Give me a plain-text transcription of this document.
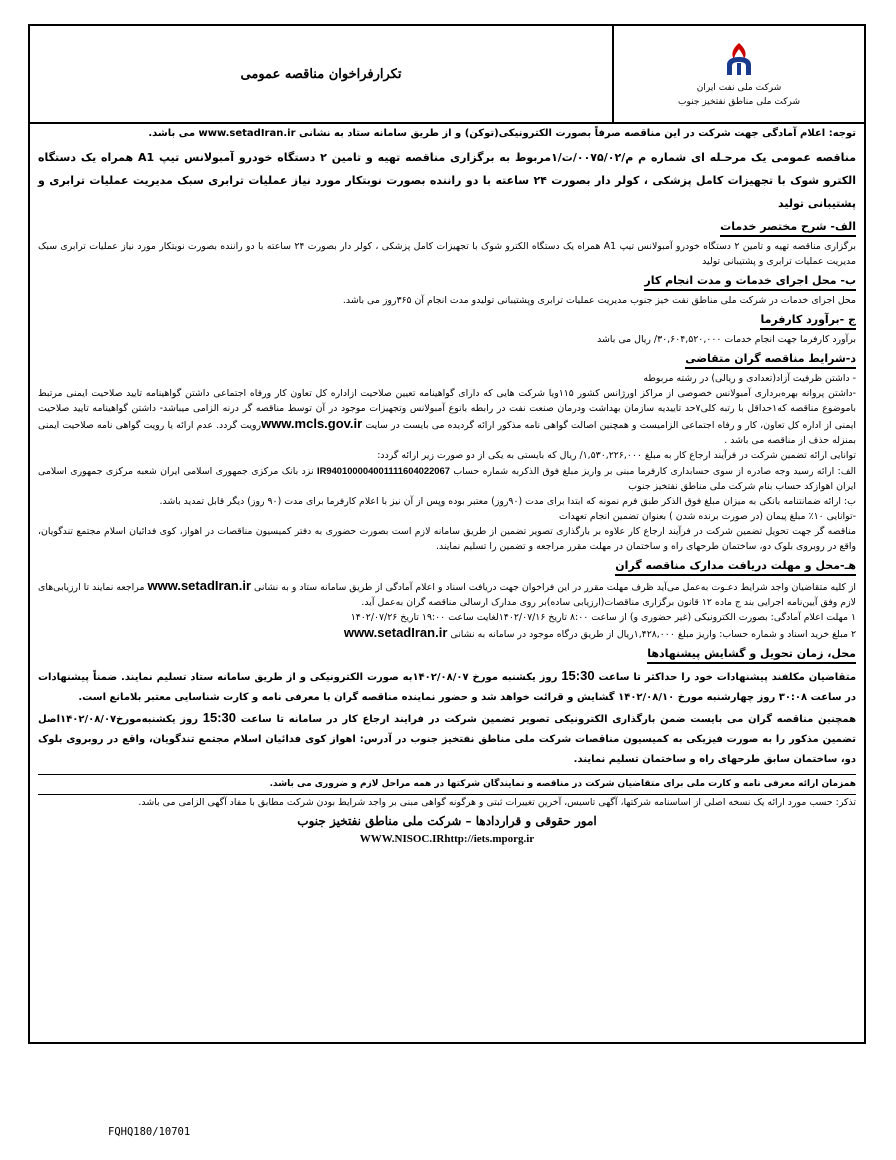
شرکت ملی نفت ایران
شرکت ملی مناطق نفتخیز جنوب
تکرارفراخوان مناقصه عمومی

توجه: اعلام آمادگی جهت شرکت در این مناقصه صرفاً بصورت الکترونیکی(توکن) و از طریق سامانه ستاد به نشانی www.setadIran.ir می باشد.

مناقصه عمومی یک مرحـله ای شماره م م/۰۰۷۵/۰۲/ت/۱مربوط به برگزاری مناقصه تهیه و تامین ۲ دستگاه خودرو آمبولانس تیپ A1 همراه یک دستگاه الکترو شوک با تجهیزات کامل پزشکی ، کولر دار بصورت ۲۴ ساعته با دو راننده بصورت نوبتکار مورد نیاز عملیات ترابری سبک مدیریت عملیات ترابری و پشتیبانی تولید

الف- شرح مختصر خدمات

برگزاری مناقصه تهیه و تامین ۲ دستگاه خودرو آمبولانس تیپ A1 همراه یک دستگاه الکترو شوک با تجهیزات کامل پزشکی ، کولر دار بصورت ۲۴ ساعته با دو راننده بصورت نوبتکار مورد نیاز عملیات ترابری سبک مدیریت عملیات ترابری و پشتیبانی تولید

ب- محل اجرای خدمات و مدت انجام کار

محل اجرای خدمات در شرکت ملی مناطق نفت خیز جنوب مدیریت عملیات ترابری وپشتیبانی تولیدو مدت انجام آن ۳۶۵روز می باشد.

ج -برآورد کارفرما

برآورد کارفرما جهت انجام خدمات ۳۰,۶۰۴,۵۲۰,۰۰۰/ ریال می باشد

د-شرایط مناقصه گران متقاضی

- داشتن ظرفیت آزاد(تعدادی و ریالی) در رشته مربوطه

-داشتن پروانه بهره‌برداری آمبولانس خصوصی از مراکز اورژانس کشور ۱۱۵ویا شرکت هایی که دارای گواهینامه تعیین صلاحیت ازاداره کل تعاون کار ورفاه اجتماعی داشتن گواهینامه تایید صلاحیت ایمنی مرتبط باموضوع مناقصه که۱حداقل با رتبه کلی۷حد تاییدیه سازمان بهداشت ودرمان صنعت نفت در رابطه بانوع آمبولانس وتجهیزات موجود در آن توسط مناقصه گر درنه الزامی میباشد- داشتن گواهینامه تایید صلاحیت ایمنی از اداره کل تعاون، کار و رفاه اجتماعی الزامیست و همچنین اصالت گواهی نامه مذکور ارائه گردیده می بایست در سایت www.mcls.gov.irرویت گردد. عدم ارائه یا رویت گواهی نامه صلاحیت ایمنی بمنزله حذف از مناقصه می باشد .

توانایی ارائه تضمین شرکت در فرآیند ارجاع کار به مبلغ ۱,۵۳۰,۲۲۶,۰۰۰/ ریال که بایستی به یکی از دو صورت زیر ارائه گردد:

الف: ارائه رسید وجه صادره از سوی حسابداری کارفرما مبنی بر واریز مبلغ فوق الذکربه شماره حساب IR940100004001111604022067 نزد بانک مرکزی جمهوری اسلامی ایران شعبه مرکزی جمهوری اسلامی ایران اهوازکد حساب بنام شرکت ملی مناطق نفتخیز جنوب

ب: ارائه ضمانتنامه بانکی به میزان مبلغ فوق الذکر طبق فرم نمونه که ابتدا برای مدت (۹۰روز) معتبر بوده وپس از آن نیز با اعلام کارفرما برای مدت (۹۰ روز) دیگر قابل تمدید باشد.

-توانایی ۱۰٪ مبلغ پیمان (در صورت برنده شدن ) بعنوان تضمین انجام تعهدات

مناقصه گر جهت تحویل تضمین شرکت در فرآیند ارجاع کار علاوه بر بارگذاری تصویر تضمین از طریق سامانه لازم است بصورت حضوری به دفتر کمیسیون مناقصات در اهواز، کوی فدائیان اسلام مجتمع تندگویان، واقع در روبروی بلوک دو، ساختمان طرحهای راه و ساختمان در مهلت مقرر مراجعه و تضمین را تسلیم نمایند.

هـ-محل و مهلت دریافت مدارک مناقصه گران

از کلیه متقاضیان واجد شرایط دعـوت به‌عمل می‌آید ظرف مهلت مقرر در این فراخوان جهت دریافت اسناد و اعلام آمادگی از طریق سامانه ستاد و به نشانی www.setadIran.ir مراجعه نمایند تا ارزیابی‌های لازم وفق آیین‌نامه اجرایی بند ج ماده ۱۲ قانون برگزاری مناقصات(ارزیابی ساده)بر روی مدارک ارسالی مناقصه گران به‌عمل آید.

۱ مهلت اعلام آمادگی: بصورت الکترونیکی (غیر حضوری و) از ساعت ۸:۰۰ تاریخ ۱۴۰۲/۰۷/۱۶لغایت ساعت ۱۹:۰۰ تاریخ ۱۴۰۲/۰۷/۲۶

۲ مبلغ خرید اسناد و شماره حساب: واریز مبلغ ۱,۴۲۸,۰۰۰ریال از طریق درگاه موجود در سامانه به نشانی www.setadIran.ir

محل، زمان تحویل و گشایش پیشنهادها

متقاضیان مکلفند پیشنهادات خود را حداکثر تا ساعت 15:30 روز یکشنبه مورخ ۱۴۰۲/۰۸/۰۷به صورت الکترونیکی و از طریق سامانه ستاد تسلیم نمایند. ضمناً پیشنهادات در ساعت ۳۰:۰۸ روز چهارشنبه مورخ ۱۴۰۲/۰۸/۱۰ گشایش و قرائت خواهد شد و حضور نماینده مناقصه گران با معرفی نامه و کارت شناسایی معتبر بلامانع است.

همچنین مناقصه گران می بایست ضمن بارگذاری الکترونیکی تصویر تضمین شرکت در فرایند ارجاع کار در سامانه تا ساعت 15:30 روز یکشنبه‌مورخ۱۴۰۲/۰۸/۰۷اصل تضمین مذکور را به صورت فیزیکی به کمیسیون مناقصات شرکت ملی مناطق نفتخیز جنوب در آدرس: اهواز کوی فدائیان اسلام مجتمع تندگویان، واقع در روبروی بلوک دو، ساختمان سابق طرحهای راه و ساختمان تسلیم نمایند.

همزمان ارائه معرفی نامه و کارت ملی برای متقاضیان شرکت در مناقصه و نمایندگان شرکتها در همه مراحل لازم و ضروری می باشد.

تذکر: حسب مورد ارائه یک نسخه اصلی از اساسنامه شرکتها، آگهی تاسیس، آخرین تغییرات ثبتی و هرگونه گواهی مبنی بر واجد شرایط بودن شرکت مطابق با مفاد آگهی الزامی می باشد.

امور حقوقی و قراردادها – شرکت ملی مناطق نفتخیز جنوب
WWW.NISOC.IRhttp://iets.mporg.ir
FQHQ180/10701
